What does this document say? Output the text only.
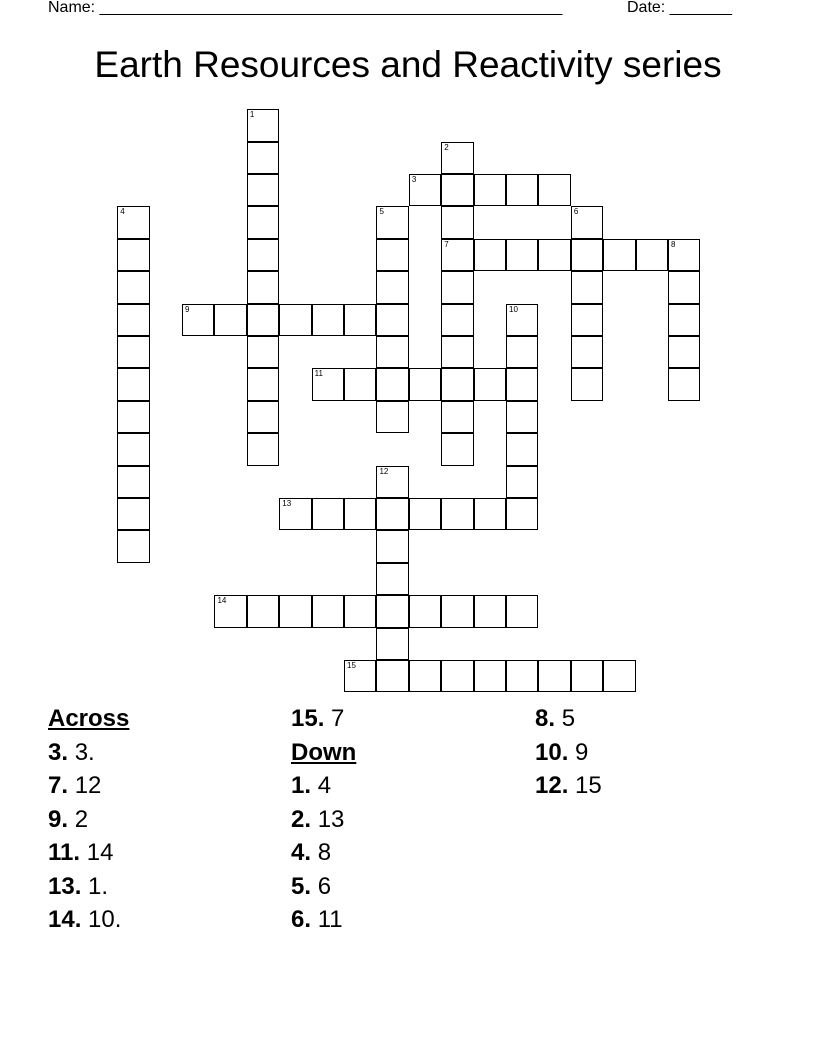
Name: ____________________________________________________	Date: _______
Earth Resources and Reactivity series
1
2
7
3
4	5	6
8
9	10
11
12
13
14
15
Across
3. 3.
7. 12
9. 2
11. 14
13. 1.
14. 10.
15. 7
Down
1. 4
2. 13
4. 8
5. 6
6. 11
8. 5
10. 9
12. 15
